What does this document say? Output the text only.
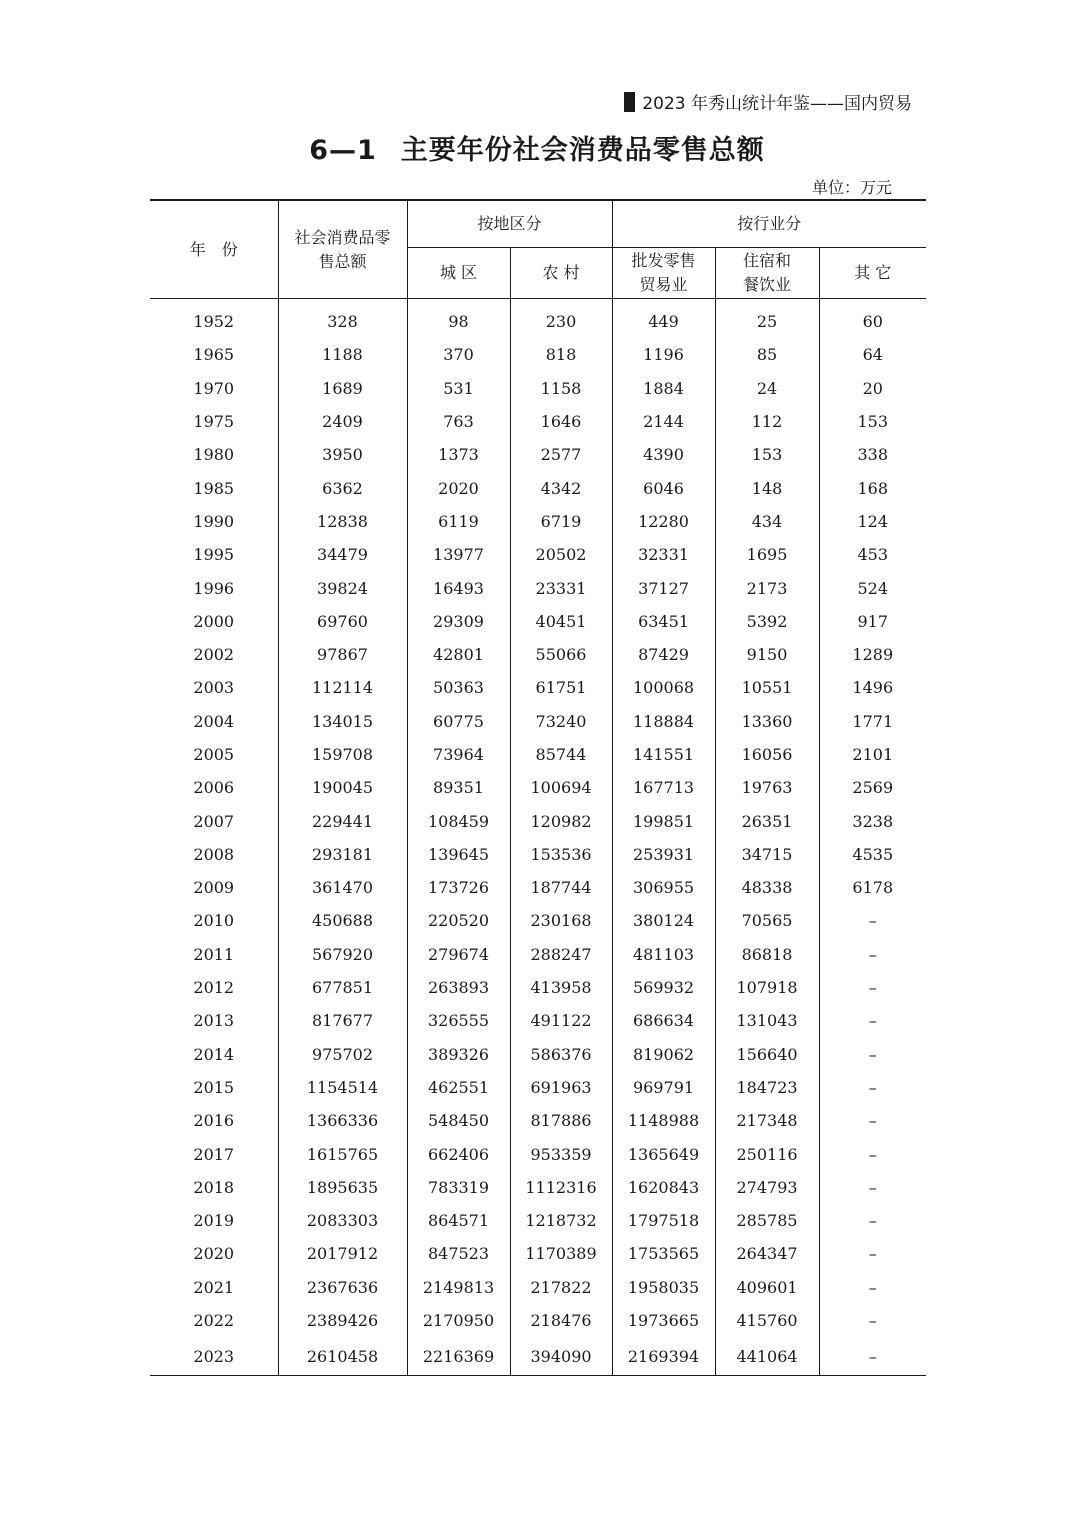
2023 年秀山统计年鉴——国内贸易
6—1 主要年份社会消费品零售总额
单位：万元
年　份	社会消费品零售总额	按地区分		按行业分		
		城 区	农 村	批发零售贸易业	住宿和餐饮业	其 它
1952	328	98	230	449	25	60
1965	1188	370	818	1196	85	64
1970	1689	531	1158	1884	24	20
1975	2409	763	1646	2144	112	153
1980	3950	1373	2577	4390	153	338
1985	6362	2020	4342	6046	148	168
1990	12838	6119	6719	12280	434	124
1995	34479	13977	20502	32331	1695	453
1996	39824	16493	23331	37127	2173	524
2000	69760	29309	40451	63451	5392	917
2002	97867	42801	55066	87429	9150	1289
2003	112114	50363	61751	100068	10551	1496
2004	134015	60775	73240	118884	13360	1771
2005	159708	73964	85744	141551	16056	2101
2006	190045	89351	100694	167713	19763	2569
2007	229441	108459	120982	199851	26351	3238
2008	293181	139645	153536	253931	34715	4535
2009	361470	173726	187744	306955	48338	6178
2010	450688	220520	230168	380124	70565	–
2011	567920	279674	288247	481103	86818	–
2012	677851	263893	413958	569932	107918	–
2013	817677	326555	491122	686634	131043	–
2014	975702	389326	586376	819062	156640	–
2015	1154514	462551	691963	969791	184723	–
2016	1366336	548450	817886	1148988	217348	–
2017	1615765	662406	953359	1365649	250116	–
2018	1895635	783319	1112316	1620843	274793	–
2019	2083303	864571	1218732	1797518	285785	–
2020	2017912	847523	1170389	1753565	264347	–
2021	2367636	2149813	217822	1958035	409601	–
2022	2389426	2170950	218476	1973665	415760	–
2023	2610458	2216369	394090	2169394	441064	–
